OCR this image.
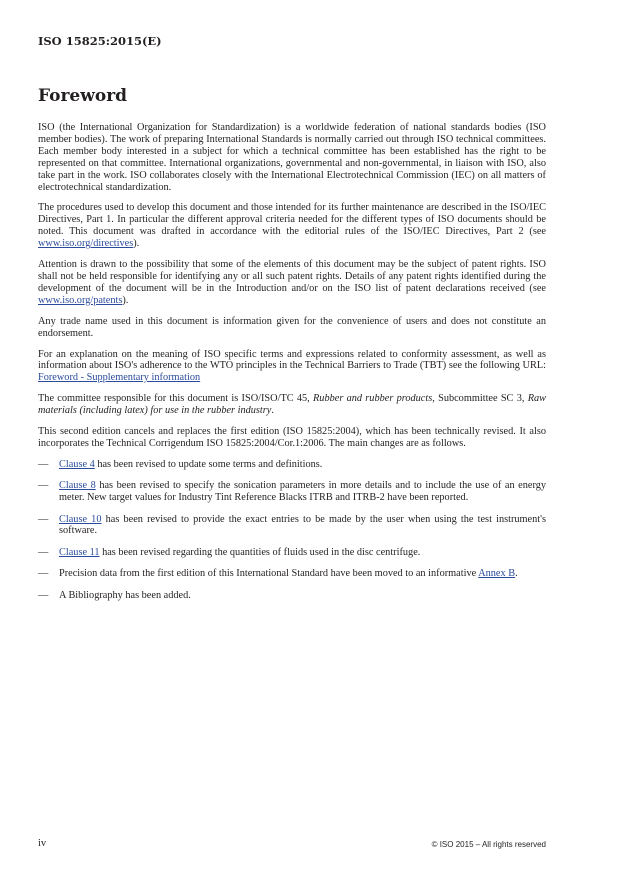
ISO 15825:2015(E)
Foreword

ISO (the International Organization for Standardization) is a worldwide federation of national standards bodies (ISO member bodies). The work of preparing International Standards is normally carried out through ISO technical committees. Each member body interested in a subject for which a technical committee has been established has the right to be represented on that committee. International organizations, governmental and non-governmental, in liaison with ISO, also take part in the work. ISO collaborates closely with the International Electrotechnical Commission (IEC) on all matters of electrotechnical standardization.

The procedures used to develop this document and those intended for its further maintenance are described in the ISO/IEC Directives, Part 1. In particular the different approval criteria needed for the different types of ISO documents should be noted. This document was drafted in accordance with the editorial rules of the ISO/IEC Directives, Part 2 (see www.iso.org/directives).

Attention is drawn to the possibility that some of the elements of this document may be the subject of patent rights. ISO shall not be held responsible for identifying any or all such patent rights. Details of any patent rights identified during the development of the document will be in the Introduction and/or on the ISO list of patent declarations received (see www.iso.org/patents).

Any trade name used in this document is information given for the convenience of users and does not constitute an endorsement.

For an explanation on the meaning of ISO specific terms and expressions related to conformity assessment, as well as information about ISO's adherence to the WTO principles in the Technical Barriers to Trade (TBT) see the following URL: Foreword - Supplementary information

The committee responsible for this document is ISO/ISO/TC 45, Rubber and rubber products, Subcommittee SC 3, Raw materials (including latex) for use in the rubber industry.

This second edition cancels and replaces the first edition (ISO 15825:2004), which has been technically revised. It also incorporates the Technical Corrigendum ISO 15825:2004/Cor.1:2006. The main changes are as follows.

— Clause 4 has been revised to update some terms and definitions.
— Clause 8 has been revised to specify the sonication parameters in more details and to include the use of an energy meter. New target values for Industry Tint Reference Blacks ITRB and ITRB-2 have been reported.
— Clause 10 has been revised to provide the exact entries to be made by the user when using the test instrument's software.
— Clause 11 has been revised regarding the quantities of fluids used in the disc centrifuge.
— Precision data from the first edition of this International Standard have been moved to an informative Annex B.
— A Bibliography has been added.
iv	© ISO 2015 – All rights reserved
